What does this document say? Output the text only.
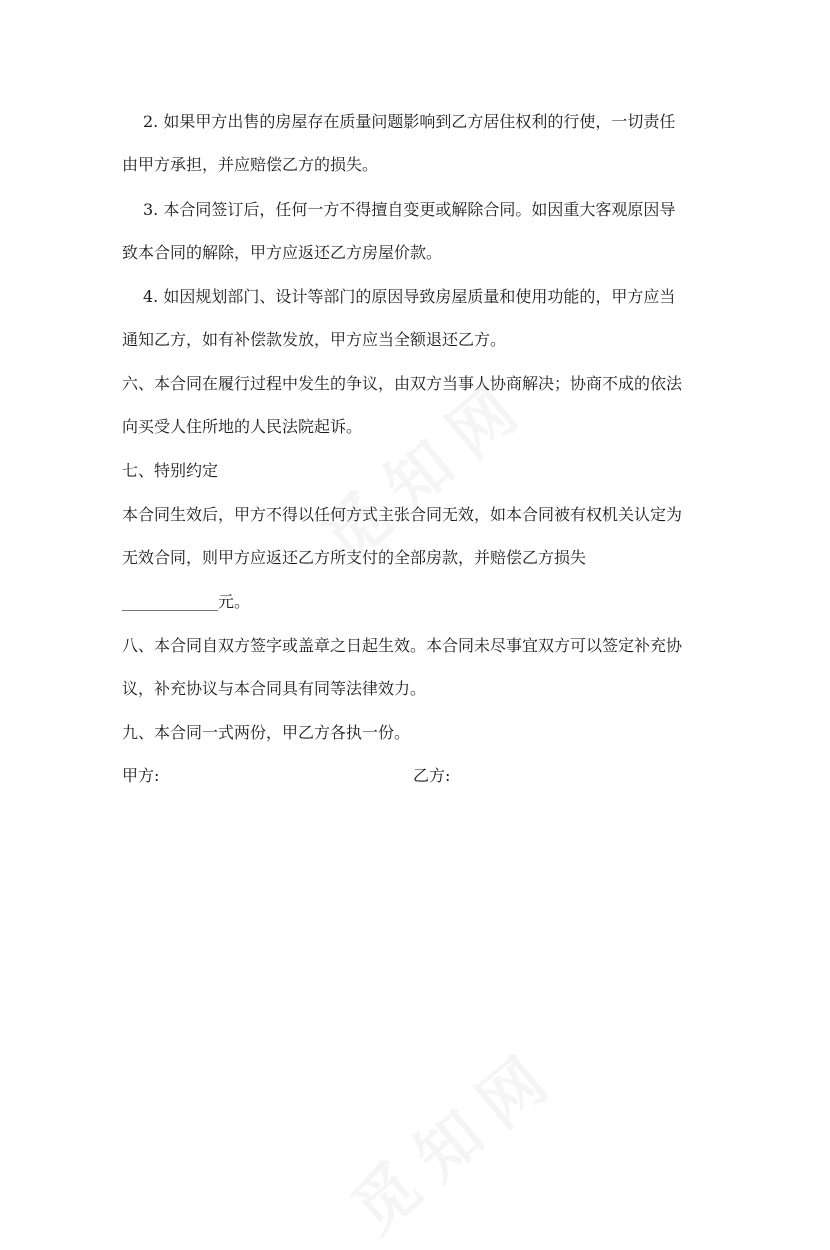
2. 如果甲方出售的房屋存在质量问题影响到乙方居住权利的行使，一切责任

由甲方承担，并应赔偿乙方的损失。

3. 本合同签订后，任何一方不得擅自变更或解除合同。如因重大客观原因导

致本合同的解除，甲方应返还乙方房屋价款。

4. 如因规划部门、设计等部门的原因导致房屋质量和使用功能的，甲方应当

通知乙方，如有补偿款发放，甲方应当全额退还乙方。

六、本合同在履行过程中发生的争议，由双方当事人协商解决；协商不成的依法

向买受人住所地的人民法院起诉。

七、特别约定

本合同生效后，甲方不得以任何方式主张合同无效，如本合同被有权机关认定为

无效合同，则甲方应返还乙方所支付的全部房款，并赔偿乙方损失

____________元。

八、本合同自双方签字或盖章之日起生效。本合同未尽事宜双方可以签定补充协

议，补充协议与本合同具有同等法律效力。

九、本合同一式两份，甲乙方各执一份。

甲方:	乙方:
